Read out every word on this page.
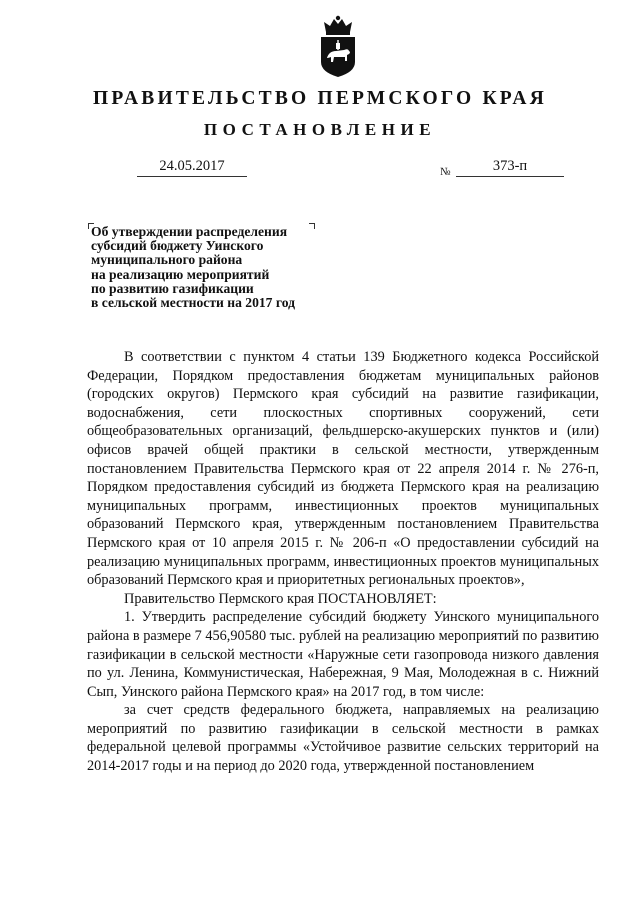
ПРАВИТЕЛЬСТВО ПЕРМСКОГО КРАЯ
ПОСТАНОВЛЕНИЕ
24.05.2017	№	373-п
Об утверждении распределения
субсидий бюджету Уинского
муниципального района
на реализацию мероприятий
по развитию газификации
в сельской местности на 2017 год

В соответствии с пунктом 4 статьи 139 Бюджетного кодекса Российской Федерации, Порядком предоставления бюджетам муниципальных районов (городских округов) Пермского края субсидий на развитие газификации, водоснабжения, сети плоскостных спортивных сооружений, сети общеобразовательных организаций, фельдшерско-акушерских пунктов и (или) офисов врачей общей практики в сельской местности, утвержденным постановлением Правительства Пермского края от 22 апреля 2014 г. № 276-п, Порядком предоставления субсидий из бюджета Пермского края на реализацию муниципальных программ, инвестиционных проектов муниципальных образований Пермского края, утвержденным постановлением Правительства Пермского края от 10 апреля 2015 г. № 206-п «О предоставлении субсидий на реализацию муниципальных программ, инвестиционных проектов муниципальных образований Пермского края и приоритетных региональных проектов»,

Правительство Пермского края ПОСТАНОВЛЯЕТ:

1. Утвердить распределение субсидий бюджету Уинского муниципального района в размере 7 456,90580 тыс. рублей на реализацию мероприятий по развитию газификации в сельской местности «Наружные сети газопровода низкого давления по ул. Ленина, Коммунистическая, Набережная, 9 Мая, Молодежная в с. Нижний Сып, Уинского района Пермского края» на 2017 год, в том числе:

за счет средств федерального бюджета, направляемых на реализацию мероприятий по развитию газификации в сельской местности в рамках федеральной целевой программы «Устойчивое развитие сельских территорий на 2014-2017 годы и на период до 2020 года, утвержденной постановлением
